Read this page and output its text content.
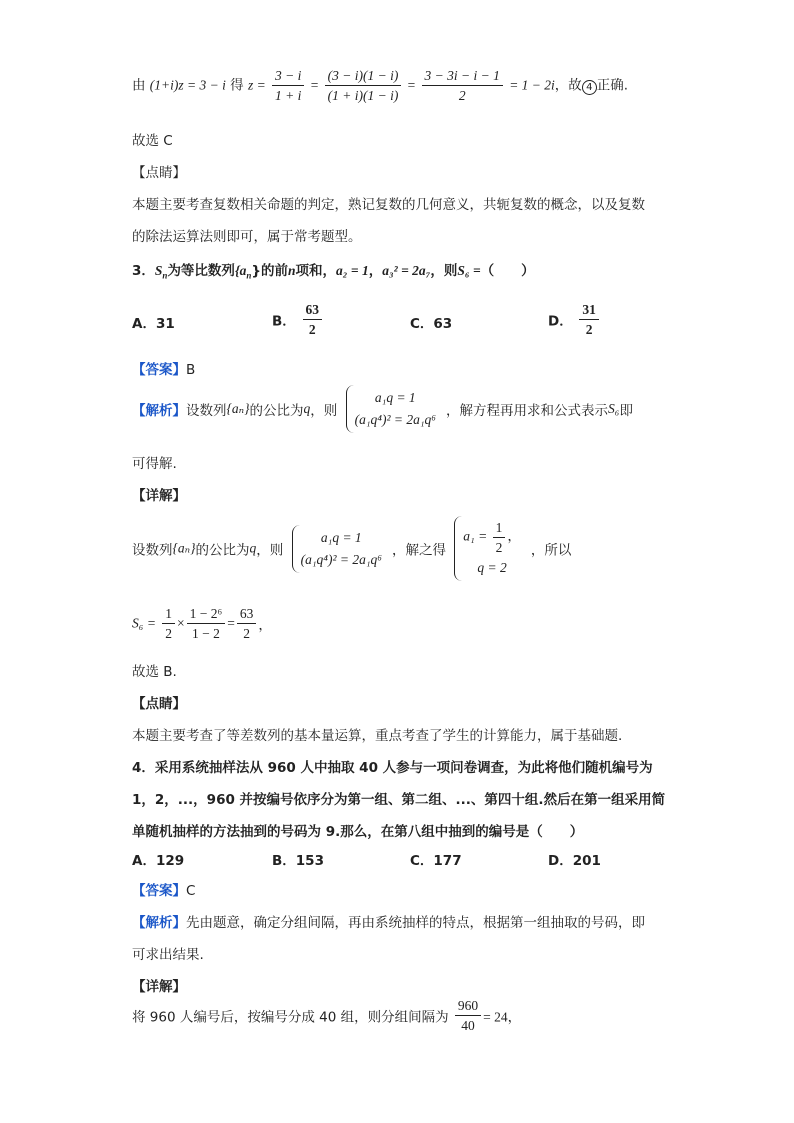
由 (1+i)z = 3 − i 得 $z = \frac{3 - i}{1 + i} = \frac{(3 - i)(1 - i)}{(1 + i)(1 - i)} = \frac{3 - 3i - i - 1}{2} = 1 - 2i$，故 4 正确.
故选 C
【点睛】
本题主要考查复数相关命题的判定，熟记复数的几何意义，共轭复数的概念，以及复数
的除法运算法则即可，属于常考题型。
3．$S_n$为等比数列$\{a_n\}$的前n项和，a₂ = 1，a₃² = 2a₇，则S₆ =（　　）
A．31	B． $\frac{63}{2}$	C．63	D． $\frac{31}{2}$
【答案】B
【解析】设数列{aₙ}的公比为q，则
a₁q = 1
(a₁q⁴)² = 2a₁q⁶
，解方程再用求和公式表示S₆即
可得解.
【详解】
设数列{aₙ}的公比为q，则
a₁q = 1
(a₁q⁴)² = 2a₁q⁶
，解之得
$a_1 = \frac{1}{2}$ ，
q = 2
，所以
$S_6 = \frac{1}{2} \times \frac{\text{1 − 2⁶}}{1 - 2} = \frac{63}{2}$ ，
故选 B.
【点睛】
本题主要考查了等差数列的基本量运算，重点考查了学生的计算能力，属于基础题.
4．采用系统抽样法从 960 人中抽取 40 人参与一项问卷调查，为此将他们随机编号为
1，2，...，960 并按编号依序分为第一组、第二组、...、第四十组.然后在第一组采用简
单随机抽样的方法抽到的号码为 9.那么，在第八组中抽到的编号是（　　）
A．129	B．153	C．177	D．201
【答案】C
【解析】先由题意，确定分组间隔，再由系统抽样的特点，根据第一组抽取的号码，即
可求出结果.
【详解】
将 960 人编号后，按编号分成 40 组，则分组间隔为 $\frac{960}{40} = 24$，
